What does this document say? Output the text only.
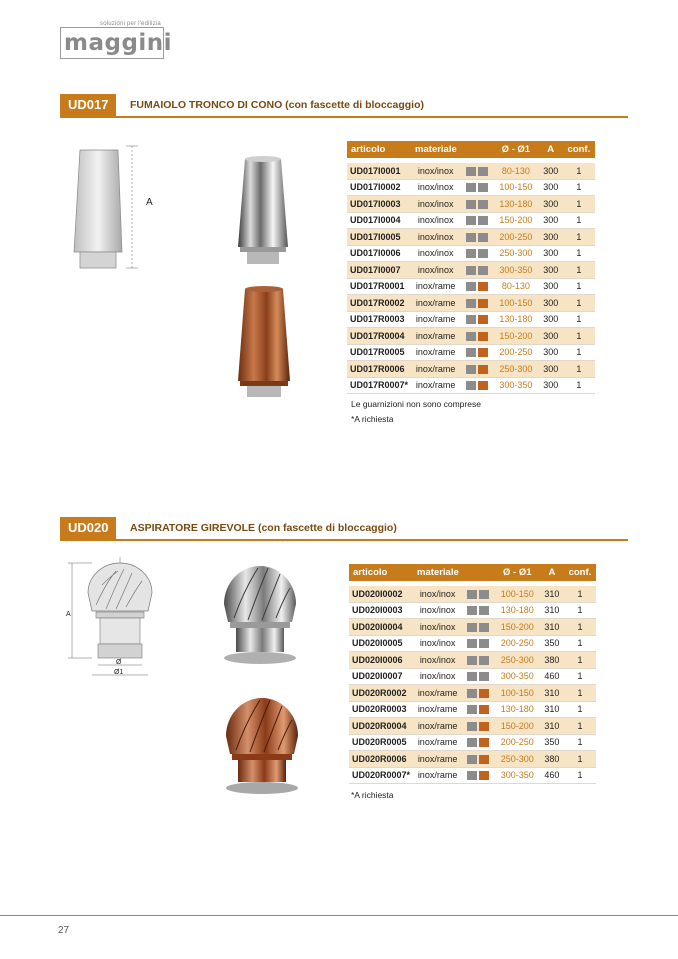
soluzioni per l'edilizia
maggini
UD017	FUMAIOLO TRONCO DI CONO (con fascette di bloccaggio)
A
articolo	materiale		Ø - Ø1	A	conf.

UD017I0001	inox/inox		80-130	300	1
UD017I0002	inox/inox		100-150	300	1
UD017I0003	inox/inox		130-180	300	1
UD017I0004	inox/inox		150-200	300	1
UD017I0005	inox/inox		200-250	300	1
UD017I0006	inox/inox		250-300	300	1
UD017I0007	inox/inox		300-350	300	1
UD017R0001	inox/rame		80-130	300	1
UD017R0002	inox/rame		100-150	300	1
UD017R0003	inox/rame		130-180	300	1
UD017R0004	inox/rame		150-200	300	1
UD017R0005	inox/rame		200-250	300	1
UD017R0006	inox/rame		250-300	300	1
UD017R0007*	inox/rame		300-350	300	1
Le guarnizioni non sono comprese
*A richiesta
UD020	ASPIRATORE GIREVOLE (con fascette di bloccaggio)
A
Ø
Ø1
articolo	materiale		Ø - Ø1	A	conf.

UD020I0002	inox/inox		100-150	310	1
UD020I0003	inox/inox		130-180	310	1
UD020I0004	inox/inox		150-200	310	1
UD020I0005	inox/inox		200-250	350	1
UD020I0006	inox/inox		250-300	380	1
UD020I0007	inox/inox		300-350	460	1
UD020R0002	inox/rame		100-150	310	1
UD020R0003	inox/rame		130-180	310	1
UD020R0004	inox/rame		150-200	310	1
UD020R0005	inox/rame		200-250	350	1
UD020R0006	inox/rame		250-300	380	1
UD020R0007*	inox/rame		300-350	460	1
*A richiesta
27
